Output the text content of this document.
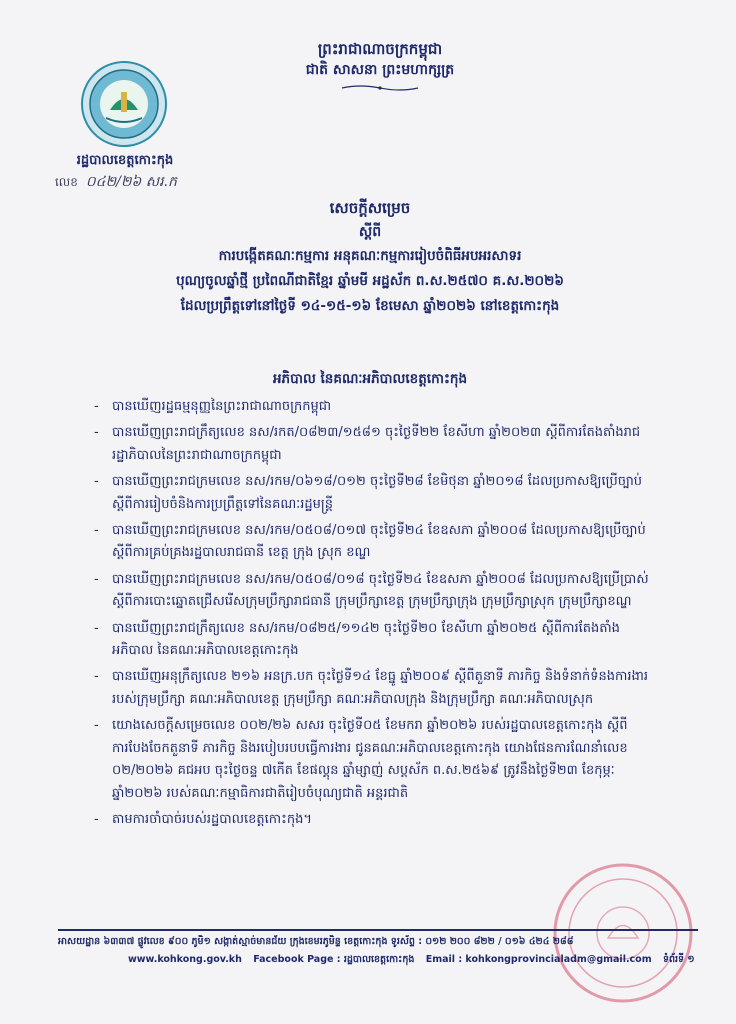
ព្រះរាជាណាចក្រកម្ពុជា
ជាតិ សាសនា ព្រះមហាក្សត្រ
រដ្ឋបាលខេត្តកោះកុង
លេខ ០៤២/២៦ សរ.ក
សេចក្តីសម្រេច
ស្តីពី
ការបង្កើតគណៈកម្មការ អនុគណៈកម្មការរៀបចំពិធីអបអរសាទរ
បុណ្យចូលឆ្នាំថ្មី ប្រពៃណីជាតិខ្មែរ ឆ្នាំមមី អដ្ឋស័ក ព.ស.២៥៧០ គ.ស.២០២៦
ដែលប្រព្រឹត្តទៅនៅថ្ងៃទី ១៤-១៥-១៦ ខែមេសា ឆ្នាំ២០២៦ នៅខេត្តកោះកុង
អភិបាល នៃគណៈអភិបាលខេត្តកោះកុង
- បានឃើញរដ្ឋធម្មនុញ្ញនៃព្រះរាជាណាចក្រកម្ពុជា
- បានឃើញព្រះរាជក្រឹត្យលេខ នស/រកត/០៨២៣/១៥៨១ ចុះថ្ងៃទី២២ ខែសីហា ឆ្នាំ២០២៣ ស្តីពីការតែងតាំងរាជរដ្ឋាភិបាលនៃព្រះរាជាណាចក្រកម្ពុជា
- បានឃើញព្រះរាជក្រមលេខ នស/រកម/០៦១៨/០១២ ចុះថ្ងៃទី២៨ ខែមិថុនា ឆ្នាំ២០១៨ ដែលប្រកាសឱ្យប្រើច្បាប់ស្តីពីការរៀបចំនិងការប្រព្រឹត្តទៅនៃគណៈរដ្ឋមន្ត្រី
- បានឃើញព្រះរាជក្រមលេខ នស/រកម/០៥០៨/០១៧ ចុះថ្ងៃទី២៤ ខែឧសភា ឆ្នាំ២០០៨ ដែលប្រកាសឱ្យប្រើច្បាប់ ស្តីពីការគ្រប់គ្រងរដ្ឋបាលរាជធានី ខេត្ត ក្រុង ស្រុក ខណ្ឌ
- បានឃើញព្រះរាជក្រមលេខ នស/រកម/០៥០៨/០១៨ ចុះថ្ងៃទី២៤ ខែឧសភា ឆ្នាំ២០០៨ ដែលប្រកាសឱ្យប្រើប្រាស់ស្តីពីការបោះឆ្នោតជ្រើសរើសក្រុមប្រឹក្សារាជធានី ក្រុមប្រឹក្សាខេត្ត ក្រុមប្រឹក្សាក្រុង ក្រុមប្រឹក្សាស្រុក ក្រុមប្រឹក្សាខណ្ឌ
- បានឃើញព្រះរាជក្រឹត្យលេខ នស/រកម/០៨២៥/១១៤២ ចុះថ្ងៃទី២០ ខែសីហា ឆ្នាំ២០២៥ ស្តីពីការតែងតាំងអភិបាល នៃគណៈអភិបាលខេត្តកោះកុង
- បានឃើញអនុក្រឹត្យលេខ ២១៦ អនក្រ.បក ចុះថ្ងៃទី១៤ ខែធ្នូ ឆ្នាំ២០០៩ ស្តីពីតួនាទី ភារកិច្ច និងទំនាក់ទំនងការងាររបស់ក្រុមប្រឹក្សា គណៈអភិបាលខេត្ត ក្រុមប្រឹក្សា គណៈអភិបាលក្រុង និងក្រុមប្រឹក្សា គណៈអភិបាលស្រុក
- យោងសេចក្តីសម្រេចលេខ ០០២/២៦ សសរ ចុះថ្ងៃទី០៥ ខែមករា ឆ្នាំ២០២៦ របស់រដ្ឋបាលខេត្តកោះកុង ស្តីពីការបែងចែកតួនាទី ភារកិច្ច និងរបៀបរបបធ្វើការងារ ជូនគណៈអភិបាលខេត្តកោះកុង យោងផែនការណែនាំលេខ ០២/២០២៦ គជអប ចុះថ្ងៃចន្ទ ៧កើត ខែផល្គុន ឆ្នាំម្សាញ់ សប្តស័ក ព.ស.២៥៦៩ ត្រូវនឹងថ្ងៃទី២៣ ខែកុម្ភៈ ឆ្នាំ២០២៦ របស់គណៈកម្មាធិការជាតិរៀបចំបុណ្យជាតិ អន្តរជាតិ
- តាមការចាំបាច់របស់រដ្ឋបាលខេត្តកោះកុង។
អាសយដ្ឋាន ៦៣៣៧ ផ្លូវលេខ ៩០០ ភូមិ១ សង្កាត់ស្មាច់មានជ័យ ក្រុងខេមរភូមិន្ទ ខេត្តកោះកុង ទូរស័ព្ទ : ០១២ ២០០ ៨២២ / ០១៦ ៤២៤ ២៨៨
www.kohkong.gov.kh Facebook Page : រដ្ឋបាលខេត្តកោះកុង Email : kohkongprovincialadm@gmail.com ទំព័រទី ១
